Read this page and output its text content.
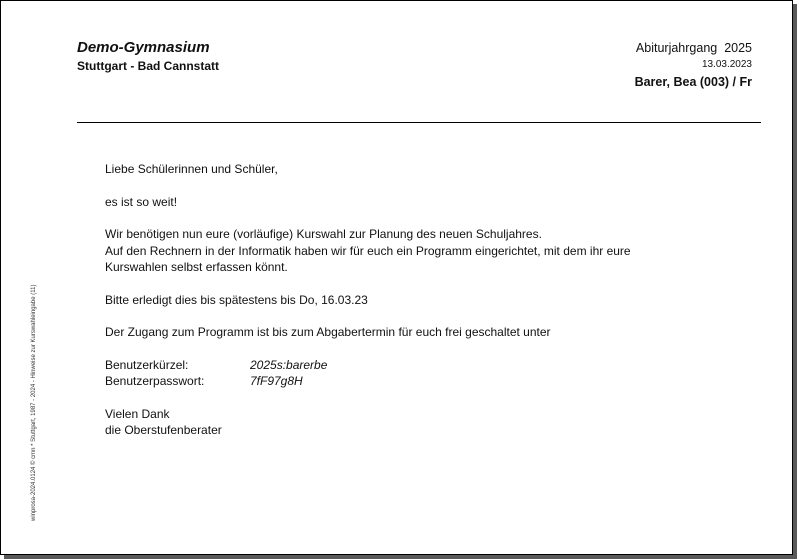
Demo-Gymnasium
Stuttgart - Bad Cannstatt
Abiturjahrgang 2025
13.03.2023
Barer, Bea (003) / Fr

Liebe Schülerinnen und Schüler,

es ist so weit!

Wir benötigen nun eure (vorläufige) Kurswahl zur Planung des neuen Schuljahres.
Auf den Rechnern in der Informatik haben wir für euch ein Programm eingerichtet, mit dem ihr eure
Kurswahlen selbst erfassen könnt.

Bitte erledigt dies bis spätestens bis Do, 16.03.23

Der Zugang zum Programm ist bis zum Abgabertermin für euch frei geschaltet unter

Benutzerkürzel:	2025s:barerbe
Benutzerpasswort:	7fF97g8H
Vielen Dank
die Oberstufenberater
winprosa-2024.0124 © cmn * Stuttgart, 1987 - 2024 - Hinweise zur Kurswahleingabe (11)
